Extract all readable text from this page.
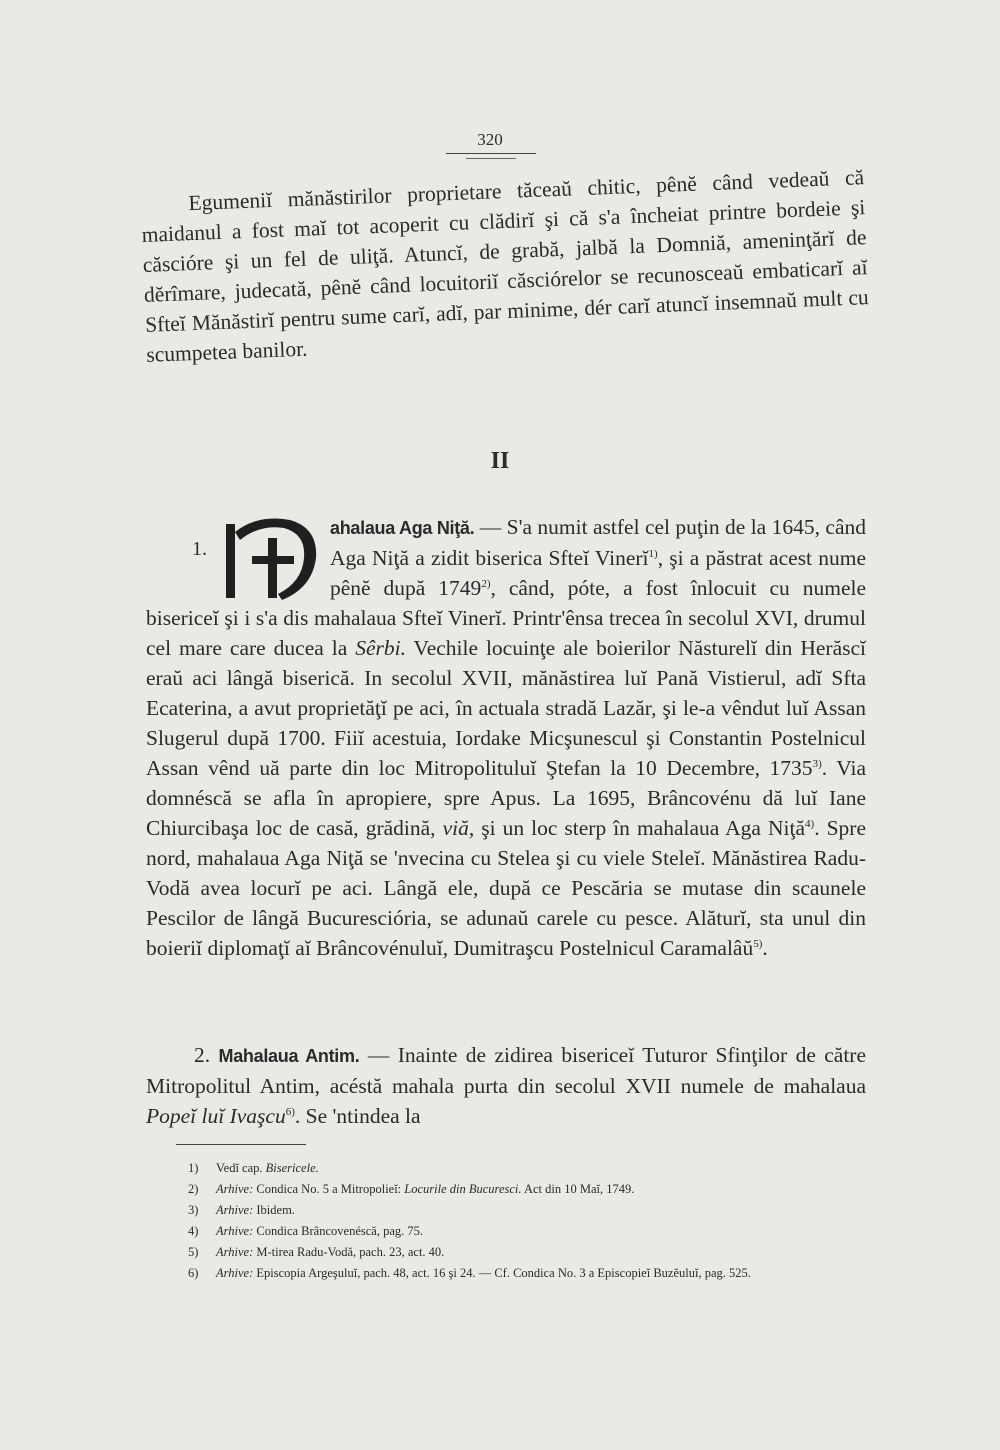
320

Egumeniĭ mănăstirilor proprietare tăceaŭ chitic, pênĕ când vedeaŭ că maidanul a fost maĭ tot acoperit cu clădirĭ şi că s'a încheiat printre bordeie şi căscióre şi un fel de uliţă. Atuncĭ, de grabă, jalbă la Domniă, ameninţărĭ de dĕrîmare, judecată, pênĕ când locuitoriĭ căsciórelor se recunosceaŭ embaticarĭ aĭ Sfteĭ Mănăstirĭ pentru sume carĭ, adĭ, par minime, dér carĭ atuncĭ insemnaŭ mult cu scumpetea banilor.

II
1.

ahalaua Aga Niţă. — S'a numit astfel cel puţin de la 1645, când Aga Niţă a zidit biserica Sfteĭ Vinerĭ$^{1)}$, şi a păstrat acest nume pênĕ după 1749$^{2)}$, când, póte, a fost înlocuit cu numele bisericeĭ şi i s'a dis mahalaua Sfteĭ Vinerĭ. Printr'ênsa trecea în secolul XVI, drumul cel mare care ducea la Sêrbi. Vechile locuinţe ale boierilor Năsturelĭ din Herăscĭ eraŭ aci lângă biserică. In secolul XVII, mănăstirea luĭ Pană Vistierul, adĭ Sfta Ecaterina, a avut proprietăţĭ pe aci, în actuala stradă Lazăr, şi le-a vêndut luĭ Assan Slugerul după 1700. Fiiĭ acestuia, Iordake Micşunescul şi Constantin Postelnicul Assan vênd uă parte din loc Mitropolituluĭ Ştefan la 10 Decembre, 1735$^{3)}$. Via domnéscă se afla în apropiere, spre Apus. La 1695, Brâncovénu dă luĭ Iane Chiurcibaşa loc de casă, grădină, viă, şi un loc sterp în mahalaua Aga Niţă$^{4)}$. Spre nord, mahalaua Aga Niţă se 'nvecina cu Stelea şi cu viele Steleĭ. Mănăstirea Radu-Vodă avea locurĭ pe aci. Lângă ele, după ce Pescăria se mutase din scaunele Pescilor de lângă Bucuresciória, se adunaŭ carele cu pesce. Alăturĭ, sta unul din boieriĭ diplomaţĭ aĭ Brâncovénuluĭ, Dumitraşcu Postelnicul Caramalâŭ$^{5)}$.

2. Mahalaua Antim. — Inainte de zidirea bisericeĭ Tuturor Sfinţilor de către Mitropolitul Antim, acéstă mahala purta din secolul XVII numele de mahalaua Popeĭ luĭ Ivaşcu$^{6)}$. Se 'ntindea la

1) Vedĭ cap. Bisericele.

2) Arhive: Condica No. 5 a Mitropolieĭ: Locurile din Bucuresci. Act din 10 Maĭ, 1749.

3) Arhive: Ibidem.

4) Arhive: Condica Brâncovenéscă, pag. 75.

5) Arhive: M-tirea Radu-Vodă, pach. 23, act. 40.

6) Arhive: Episcopia Argeşuluĭ, pach. 48, act. 16 şi 24. — Cf. Condica No. 3 a Episcopieĭ Buzĕuluĭ, pag. 525.
